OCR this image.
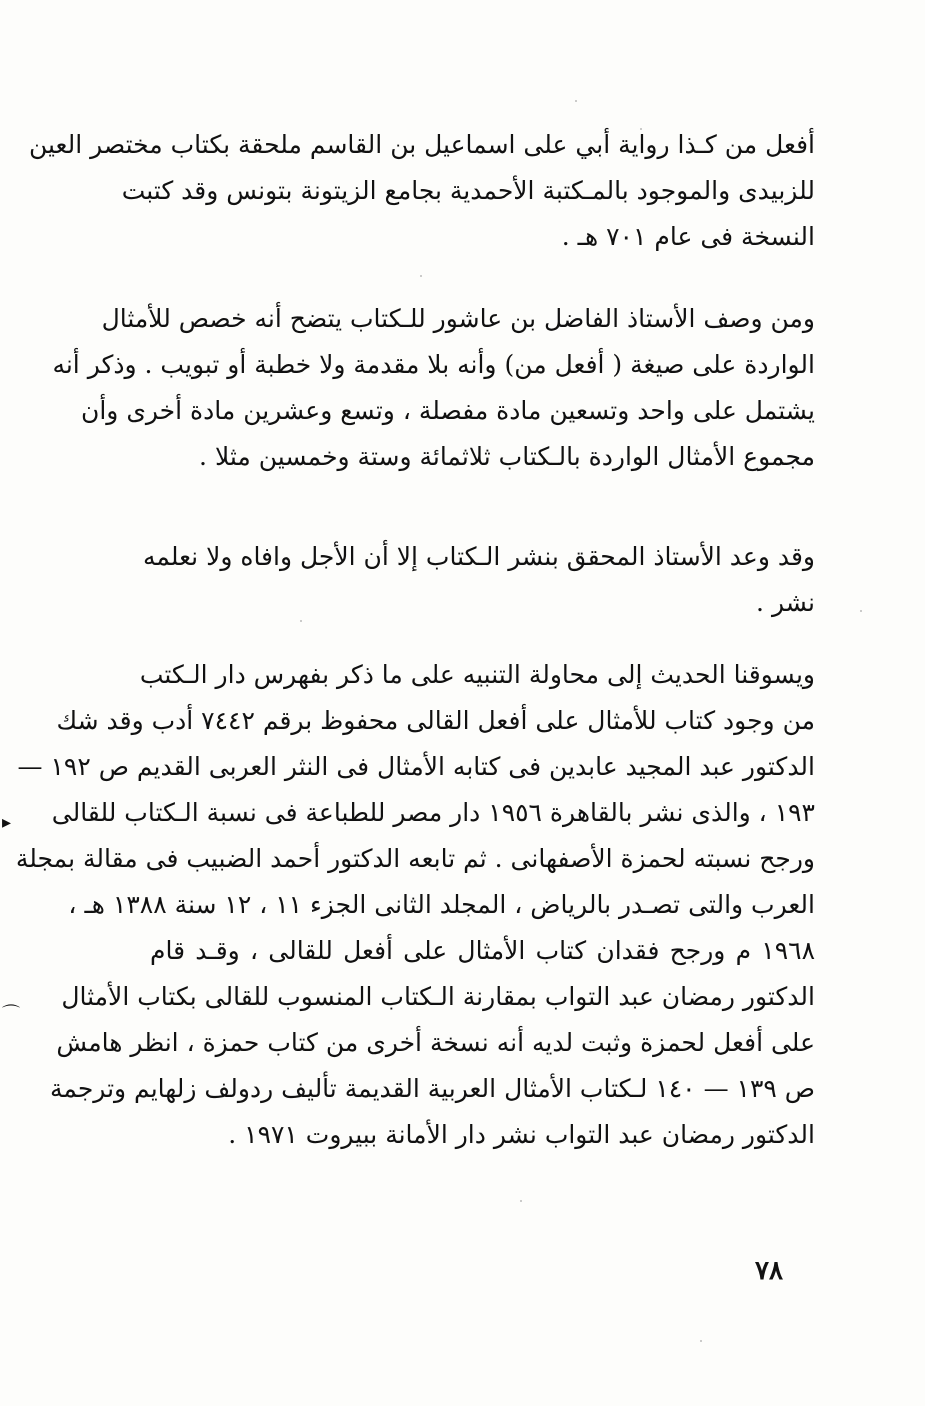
أفعل من كـذا رواية أبي على اسماعيل بن القاسم ملحقة بكتاب مختصر العين
للزبيدى والموجود بالمـكتبة الأحمدية بجامع الزيتونة بتونس وقد كتبت
النسخة فى عام ٧٠١ هـ .
ومن وصف الأستاذ الفاضل بن عاشور للـكتاب يتضح أنه خصص للأمثال
الواردة على صيغة ( أفعل من) وأنه بلا مقدمة ولا خطبة أو تبويب . وذكر أنه
يشتمل على واحد وتسعين مادة مفصلة ، وتسع وعشرين مادة أخرى وأن
مجموع الأمثال الواردة بالـكتاب ثلاثمائة وستة وخمسين مثلا .
وقد وعد الأستاذ المحقق بنشر الـكتاب إلا أن الأجل وافاه ولا نعلمه
نشر .
ويسوقنا الحديث إلى محاولة التنبيه على ما ذكر بفهرس دار الـكتب
من وجود كتاب للأمثال على أفعل القالى محفوظ برقم ٧٤٤٢ أدب وقد شك
الدكتور عبد المجيد عابدين فى كتابه الأمثال فى النثر العربى القديم ص ١٩٢ —
١٩٣ ، والذى نشر بالقاهرة ١٩٥٦ دار مصر للطباعة فى نسبة الـكتاب للقالى
ورجح نسبته لحمزة الأصفهانى . ثم تابعه الدكتور أحمد الضبيب فى مقالة بمجلة
العرب والتى تصـدر بالرياض ، المجلد الثانى الجزء ١١ ، ١٢ سنة ١٣٨٨ هـ ،
١٩٦٨ م ورجح فقدان كتاب الأمثال على أفعل للقالى ، وقـد قام
الدكتور رمضان عبد التواب بمقارنة الـكتاب المنسوب للقالى بكتاب الأمثال
على أفعل لحمزة وثبت لديه أنه نسخة أخرى من كتاب حمزة ، انظر هامش
ص ١٣٩ — ١٤٠ لـكتاب الأمثال العربية القديمة تأليف ردولف زلهايم وترجمة
الدكتور رمضان عبد التواب نشر دار الأمانة ببيروت ١٩٧١ .
٧٨
▸
⌒
